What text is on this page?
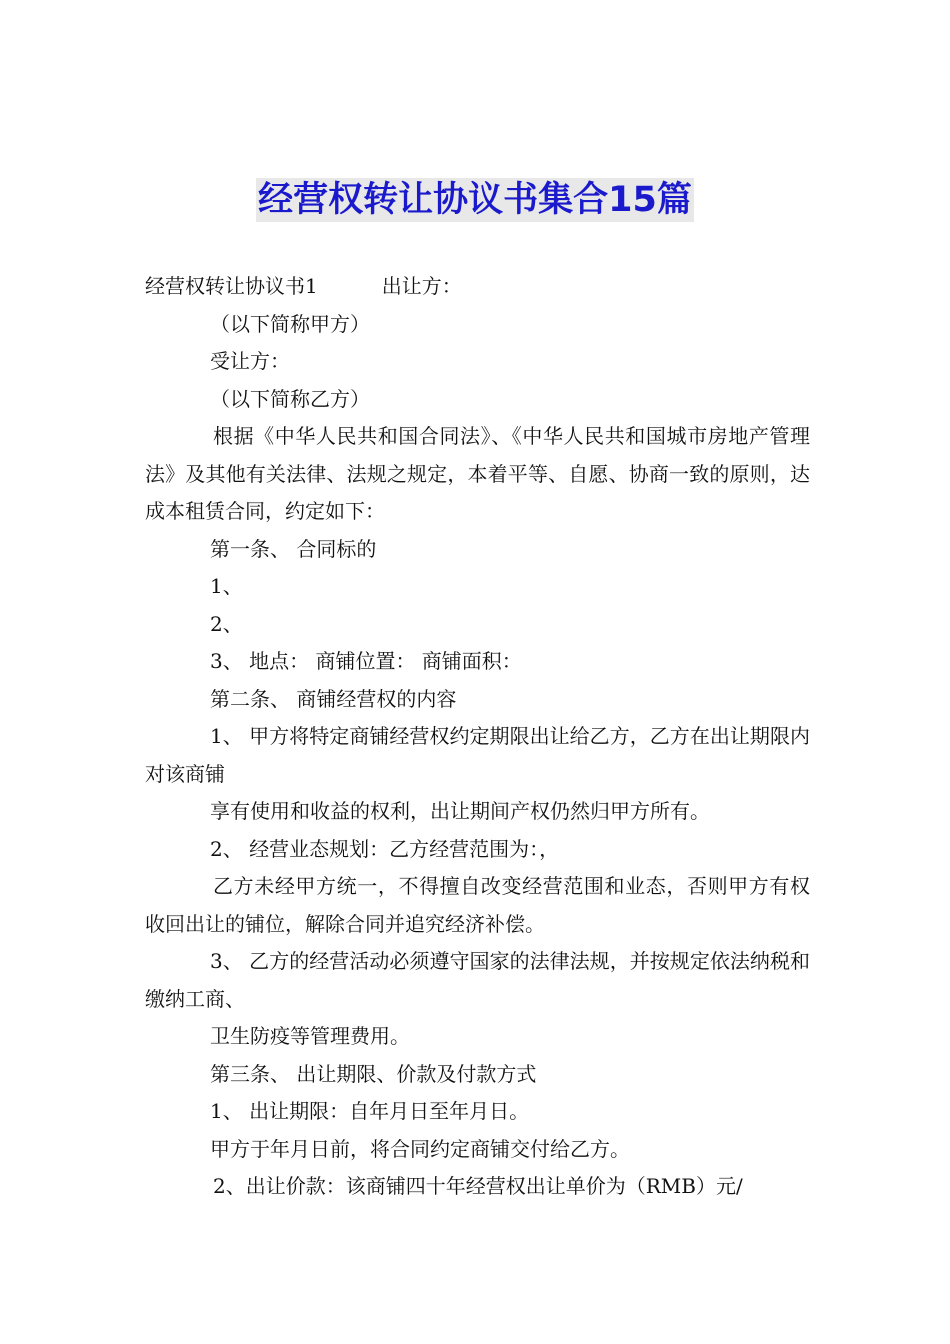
经营权转让协议书集合15篇
经营权转让协议书1	出让方：

（以下简称甲方）

受让方：

（以下简称乙方）

根据《中华人民共和国合同法》、《中华人民共和国城市房地产管理法》及其他有关法律、法规之规定，本着平等、自愿、协商一致的原则，达成本租赁合同，约定如下：

第一条、 合同标的

1、

2、

3、 地点： 商铺位置： 商铺面积：

第二条、 商铺经营权的内容

1、 甲方将特定商铺经营权约定期限出让给乙方，乙方在出让期限内对该商铺

享有使用和收益的权利，出让期间产权仍然归甲方所有。

2、 经营业态规划：乙方经营范围为：，

乙方未经甲方统一，不得擅自改变经营范围和业态，否则甲方有权收回出让的铺位，解除合同并追究经济补偿。

3、 乙方的经营活动必须遵守国家的法律法规，并按规定依法纳税和缴纳工商、

卫生防疫等管理费用。

第三条、 出让期限、价款及付款方式

1、 出让期限：自年月日至年月日。

甲方于年月日前，将合同约定商铺交付给乙方。

2、出让价款：该商铺四十年经营权出让单价为（RMB）元/
